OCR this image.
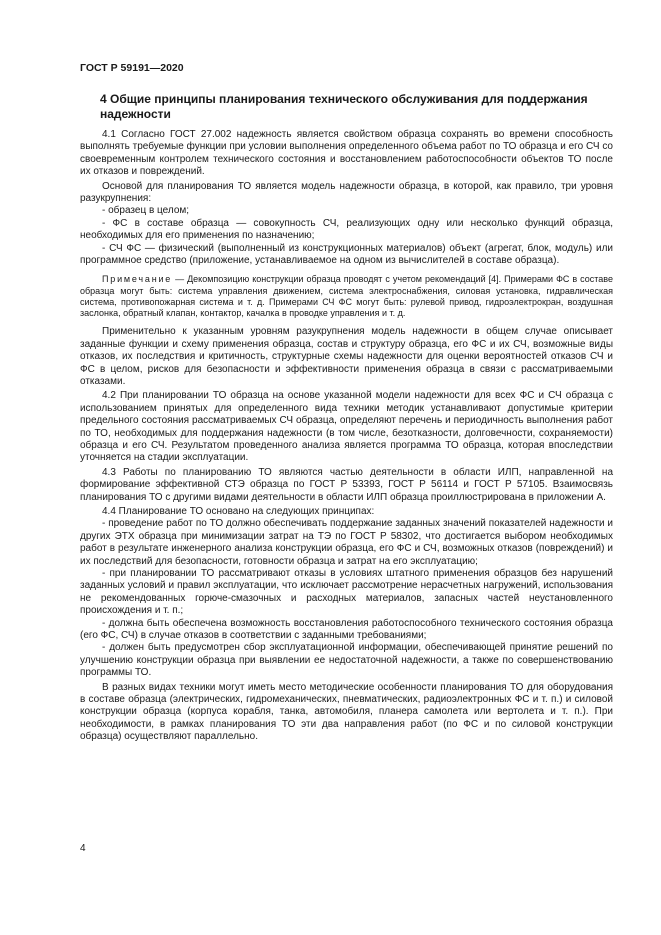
ГОСТ Р 59191—2020
4 Общие принципы планирования технического обслуживания для поддержания надежности

4.1 Согласно ГОСТ 27.002 надежность является свойством образца сохранять во времени способность выполнять требуемые функции при условии выполнения определенного объема работ по ТО образца и его СЧ со своевременным контролем технического состояния и восстановлением работоспособности объектов ТО после их отказов и повреждений.

Основой для планирования ТО является модель надежности образца, в которой, как правило, три уровня разукрупнения:

- образец в целом;

- ФС в составе образца — совокупность СЧ, реализующих одну или несколько функций образца, необходимых для его применения по назначению;

- СЧ ФС — физический (выполненный из конструкционных материалов) объект (агрегат, блок, модуль) или программное средство (приложение, устанавливаемое на одном из вычислителей в составе образца).

Примечание — Декомпозицию конструкции образца проводят с учетом рекомендаций [4]. Примерами ФС в составе образца могут быть: система управления движением, система электроснабжения, силовая установка, гидравлическая система, противопожарная система и т. д. Примерами СЧ ФС могут быть: рулевой привод, гидроэлектрокран, воздушная заслонка, обратный клапан, контактор, качалка в проводке управления и т. д.

Применительно к указанным уровням разукрупнения модель надежности в общем случае описывает заданные функции и схему применения образца, состав и структуру образца, его ФС и их СЧ, возможные виды отказов, их последствия и критичность, структурные схемы надежности для оценки вероятностей отказов СЧ и ФС в целом, рисков для безопасности и эффективности применения образца в связи с рассматриваемыми отказами.

4.2 При планировании ТО образца на основе указанной модели надежности для всех ФС и СЧ образца с использованием принятых для определенного вида техники методик устанавливают допустимые критерии предельного состояния рассматриваемых СЧ образца, определяют перечень и периодичность выполнения работ по ТО, необходимых для поддержания надежности (в том числе, безотказности, долговечности, сохраняемости) образца и его СЧ. Результатом проведенного анализа является программа ТО образца, которая впоследствии уточняется на стадии эксплуатации.

4.3 Работы по планированию ТО являются частью деятельности в области ИЛП, направленной на формирование эффективной СТЭ образца по ГОСТ Р 53393, ГОСТ Р 56114 и ГОСТ Р 57105. Взаимосвязь планирования ТО с другими видами деятельности в области ИЛП образца проиллюстрирована в приложении А.

4.4 Планирование ТО основано на следующих принципах:

- проведение работ по ТО должно обеспечивать поддержание заданных значений показателей надежности и других ЭТХ образца при минимизации затрат на ТЭ по ГОСТ Р 58302, что достигается выбором необходимых работ в результате инженерного анализа конструкции образца, его ФС и СЧ, возможных отказов (повреждений) и их последствий для безопасности, готовности образца и затрат на его эксплуатацию;

- при планировании ТО рассматривают отказы в условиях штатного применения образцов без нарушений заданных условий и правил эксплуатации, что исключает рассмотрение нерасчетных нагружений, использования не рекомендованных горюче-смазочных и расходных материалов, запасных частей неустановленного происхождения и т. п.;

- должна быть обеспечена возможность восстановления работоспособного технического состояния образца (его ФС, СЧ) в случае отказов в соответствии с заданными требованиями;

- должен быть предусмотрен сбор эксплуатационной информации, обеспечивающей принятие решений по улучшению конструкции образца при выявлении ее недостаточной надежности, а также по совершенствованию программы ТО.

В разных видах техники могут иметь место методические особенности планирования ТО для оборудования в составе образца (электрических, гидромеханических, пневматических, радиоэлектронных ФС и т. п.) и силовой конструкции образца (корпуса корабля, танка, автомобиля, планера самолета или вертолета и т. п.). При необходимости, в рамках планирования ТО эти два направления работ (по ФС и по силовой конструкции образца) осуществляют параллельно.

4
